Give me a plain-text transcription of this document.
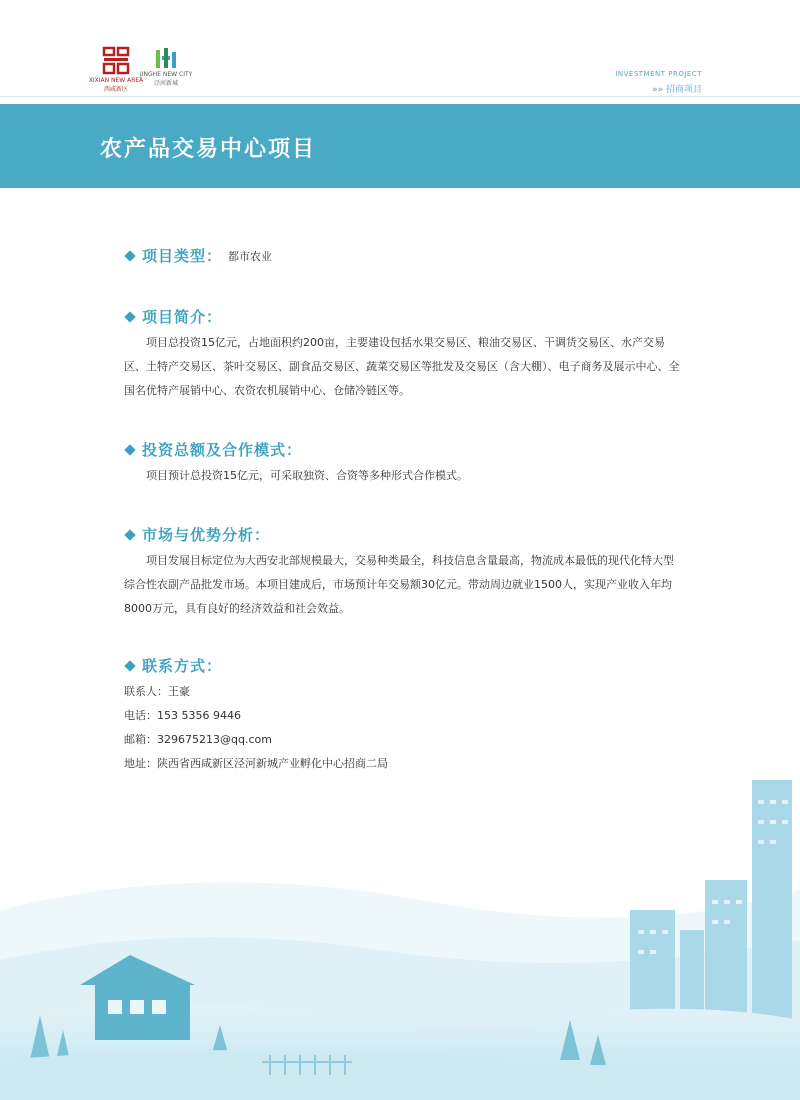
XIXIAN NEW AREA
西咸新区
JINGHE NEW CITY
泾河新城
INVESTMENT PROJECT
»» 招商项目
农产品交易中心项目
项目类型： 都市农业
项目简介：

项目总投资15亿元，占地面积约200亩，主要建设包括水果交易区、粮油交易区、干调货交易区、水产交易区、土特产交易区、茶叶交易区、副食品交易区、蔬菜交易区等批发及交易区（含大棚）、电子商务及展示中心、全国名优特产展销中心、农资农机展销中心、仓储冷链区等。

投资总额及合作模式：

项目预计总投资15亿元，可采取独资、合资等多种形式合作模式。

市场与优势分析：

项目发展目标定位为大西安北部规模最大，交易种类最全，科技信息含量最高，物流成本最低的现代化特大型综合性农副产品批发市场。本项目建成后，市场预计年交易额30亿元。带动周边就业1500人，实现产业收入年均8000万元，具有良好的经济效益和社会效益。

联系方式：

联系人：王豪

电话：153 5356 9446

邮箱：329675213@qq.com

地址：陕西省西咸新区泾河新城产业孵化中心招商二局
